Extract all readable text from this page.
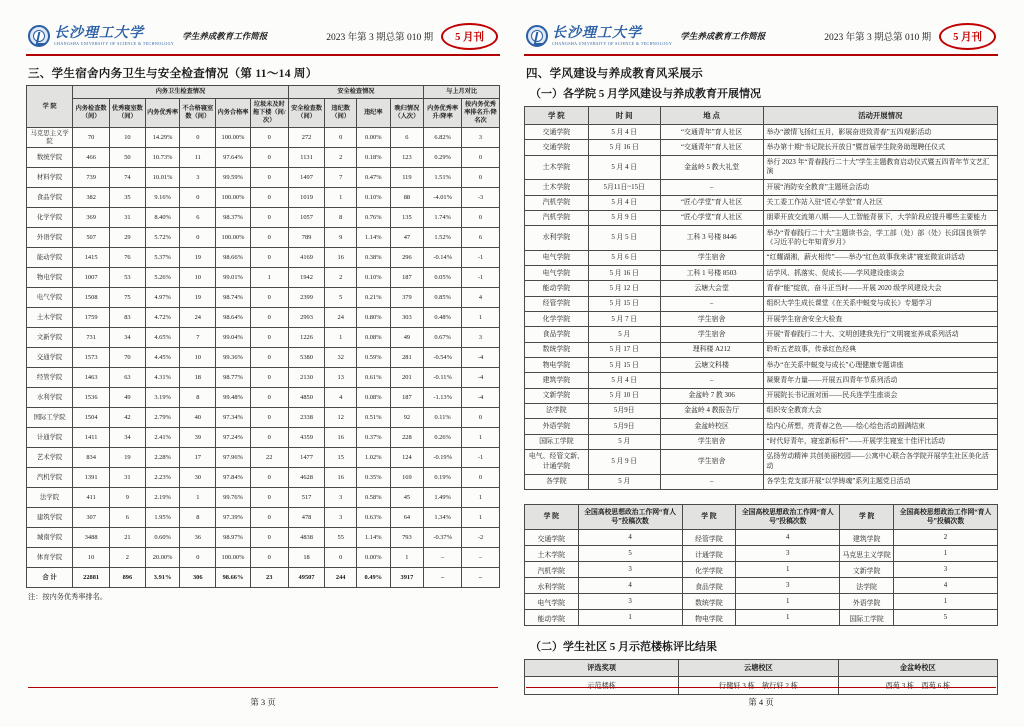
长沙理工大学
CHANGSHA UNIVERSITY OF SCIENCE & TECHNOLOGY
学生养成教育工作简报	2023 年第 3 期总第 010 期	5 月刊
三、学生宿舍内务卫生与安全检查情况（第 11～14 周）
学 院	内务卫生检查情况						安全检查情况				与上月对比	
	内务检查数（间）	优秀寝室数（间）	内务优秀率	不合格寝室数（间）	内务合格率	垃圾未及时拖下楼（间/次）	安全检查数（间）	违纪数（间）	违纪率	晚归情况（人次）	内务优秀率升/降率	按内务优秀率排名升/降名次
马克思主义学院	70	10	14.29%	0	100.00%	0	272	0	0.00%	6	6.82%	3
数统学院	466	50	10.73%	11	97.64%	0	1131	2	0.18%	123	0.29%	0
材料学院	739	74	10.01%	3	99.59%	0	1497	7	0.47%	119	1.51%	0
食品学院	382	35	9.16%	0	100.00%	0	1019	1	0.10%	88	-4.01%	-3
化学学院	369	31	8.40%	6	98.37%	0	1057	8	0.76%	135	1.74%	0
外语学院	507	29	5.72%	0	100.00%	0	789	9	1.14%	47	1.52%	6
能动学院	1415	76	5.37%	19	98.66%	0	4169	16	0.38%	296	-0.14%	-1
物电学院	1007	53	5.26%	10	99.01%	1	1942	2	0.10%	187	0.05%	-1
电气学院	1508	75	4.97%	19	98.74%	0	2399	5	0.21%	379	0.85%	4
土木学院	1759	83	4.72%	24	98.64%	0	2993	24	0.80%	303	0.48%	1
文新学院	731	34	4.65%	7	99.04%	0	1226	1	0.08%	49	0.67%	3
交通学院	1573	70	4.45%	10	99.36%	0	5380	32	0.59%	281	-0.54%	-4
经管学院	1463	63	4.31%	18	98.77%	0	2130	13	0.61%	201	-0.11%	-4
水利学院	1536	49	3.19%	8	99.48%	0	4850	4	0.08%	187	-1.13%	-4
国际工学院	1504	42	2.79%	40	97.34%	0	2338	12	0.51%	92	0.11%	0
计通学院	1411	34	2.41%	39	97.24%	0	4359	16	0.37%	228	0.26%	1
艺术学院	834	19	2.28%	17	97.96%	22	1477	15	1.02%	124	-0.19%	-1
汽机学院	1391	31	2.23%	30	97.84%	0	4628	16	0.35%	169	0.19%	0
法学院	411	9	2.19%	1	99.76%	0	517	3	0.58%	45	1.49%	1
建筑学院	307	6	1.95%	8	97.39%	0	478	3	0.63%	64	1.34%	1
城南学院	3488	21	0.60%	36	98.97%	0	4838	55	1.14%	793	-0.37%	-2
体育学院	10	2	20.00%	0	100.00%	0	18	0	0.00%	1	–	–
合 计	22881	896	3.91%	306	98.66%	23	49507	244	0.49%	3917	–	–
注：按内务优秀率排名。
第 3 页
长沙理工大学
CHANGSHA UNIVERSITY OF SCIENCE & TECHNOLOGY
学生养成教育工作简报	2023 年第 3 期总第 010 期	5 月刊
四、学风建设与养成教育风采展示
（一）各学院 5 月学风建设与养成教育开展情况
学 院	时 间	地 点	活动开展情况
交通学院	5 月 4 日	“交通青年”育人社区	举办“激情飞扬红五月，影展奋进致青春”五四观影活动
交通学院	5 月 16 日	“交通青年”育人社区	举办第十期“书记院长开放日”暨首届学生院务助理聘任仪式
土木学院	5 月 4 日	金盆岭 5 教大礼堂	举行 2023 年“青春践行二十大”学生主题教育启动仪式暨五四青年节文艺汇演
土木学院	5月11日~15日	–	开展“消防安全教育”主题班会活动
汽机学院	5 月 4 日	“匠心学堂”育人社区	关工委工作站入驻“匠心学堂”育人社区
汽机学院	5 月 9 日	“匠心学堂”育人社区	朋辈开放交流第八期——人工智能背景下，大学阶段应提升哪些主要能力
水利学院	5 月 5 日	工科 3 号楼 8446	举办“青春践行二十大”主题读书会，学工部（处）部（处）长邱国良领学《习近平的七年知青岁月》
电气学院	5 月 6 日	学生宿舍	“红耀湖湘，薪火相传”——举办“红色故事我来讲”寝室微宣讲活动
电气学院	5 月 16 日	工科 1 号楼 8503	话学风、抓落实、促成长——学风建设座谈会
能动学院	5 月 12 日	云塘大会堂	青春“能”绽放，奋斗正当时——开展 2020 级学风建设大会
经管学院	5 月 15 日	–	组织大学生成长课堂《在关系中蜕变与成长》专题学习
化学学院	5 月 7 日	学生宿舍	开展学生宿舍安全大检查
食品学院	5 月	学生宿舍	开展“青春践行二十大、文明创建我先行”文明寝室养成系列活动
数统学院	5 月 17 日	理科楼 A212	聆听五老故事，传承红色经典
物电学院	5 月 15 日	云塘文科楼	举办“在关系中蜕变与成长”心理健康专题讲座
建筑学院	5 月 4 日	–	凝聚青年力量——开展五四青年节系列活动
文新学院	5 月 10 日	金盆岭 7 教 306	开展院长书记面对面——民兵连学生座谈会
法学院	5月9日	金盆岭 4 教报告厅	组织安全教育大会
外语学院	5月9日	金盆岭校区	绘内心所想，亮青春之色——绘心绘色活动圆满结束
国际工学院	5 月	学生宿舍	“时代好青年，寝室新标杆”——开展学生寝室十佳评比活动
电气、经管文新、计通学院	5 月 9 日	学生宿舍	弘扬劳动精神 共创美丽校园——公寓中心联合各学院开展学生社区美化活动
各学院	5 月	–	各学生党支部开展“以学铸魂”系列主题党日活动
学 院	全国高校思想政治工作网“育人号”投稿次数	学 院	全国高校思想政治工作网“育人号”投稿次数	学 院	全国高校思想政治工作网“育人号”投稿次数
交通学院	4	经管学院	4	建筑学院	2
土木学院	5	计通学院	3	马克思主义学院	1
汽机学院	3	化学学院	1	文新学院	3
水利学院	4	食品学院	3	法学院	4
电气学院	3	数统学院	1	外语学院	1
能动学院	1	物电学院	1	国际工学院	5
（二）学生社区 5 月示范楼栋评比结果
评选奖项	云塘校区	金盆岭校区
示范楼栋	行健轩 3 栋　敏行轩 2 栋	西苑 3 栋　西苑 6 栋
第 4 页
